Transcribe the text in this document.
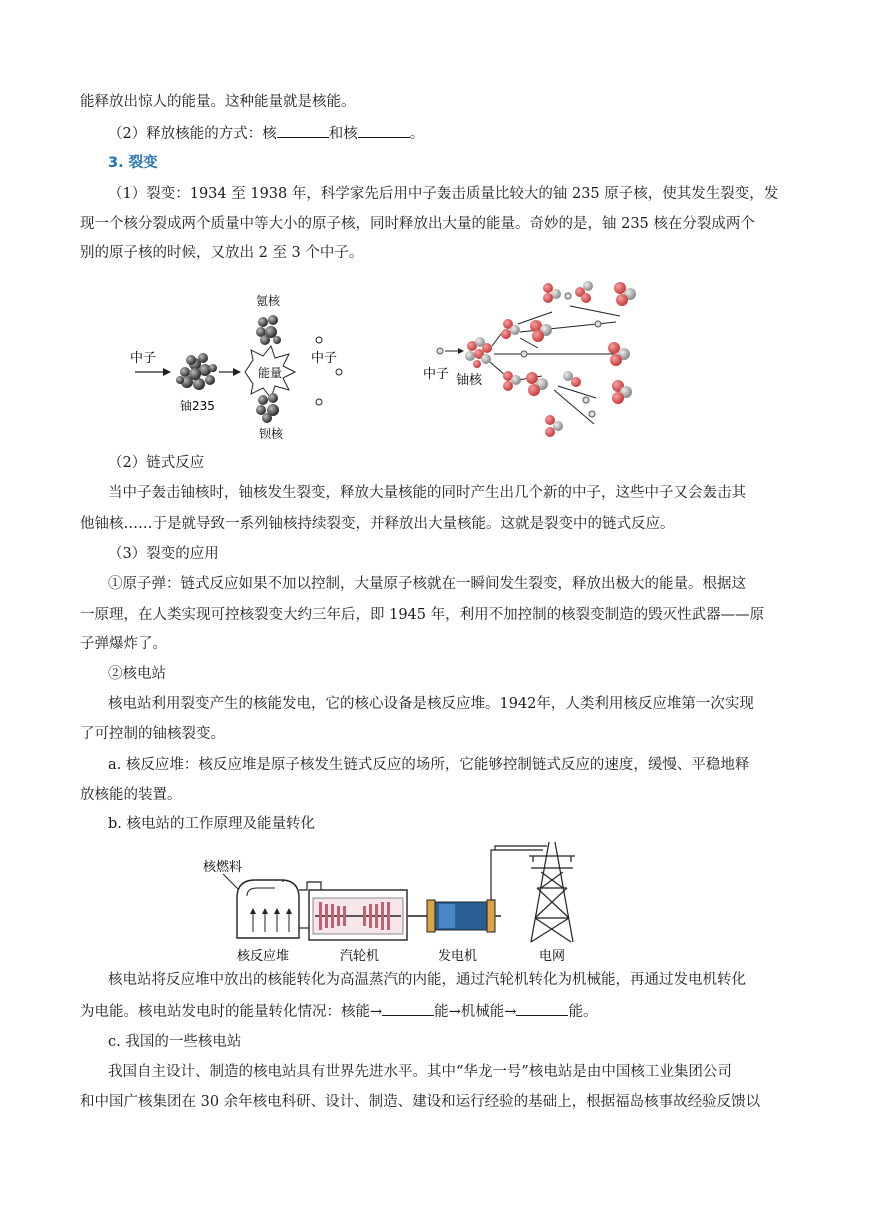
能释放出惊人的能量。这种能量就是核能。
（2）释放核能的方式：核	和核	。
3. 裂变
（1）裂变：1934 至 1938 年，科学家先后用中子轰击质量比较大的铀 235 原子核，使其发生裂变，发
现一个核分裂成两个质量中等大小的原子核，同时释放出大量的能量。奇妙的是，铀 235 核在分裂成两个
别的原子核的时候，又放出 2 至 3 个中子。
中子
铀235
能量
氪核
钡核
中子
中子 铀核
（2）链式反应
当中子轰击铀核时，铀核发生裂变，释放大量核能的同时产生出几个新的中子，这些中子又会轰击其
他铀核……于是就导致一系列铀核持续裂变，并释放出大量核能。这就是裂变中的链式反应。
（3）裂变的应用
①原子弹：链式反应如果不加以控制，大量原子核就在一瞬间发生裂变，释放出极大的能量。根据这
一原理，在人类实现可控核裂变大约三年后，即 1945 年，利用不加控制的核裂变制造的毁灭性武器——原
子弹爆炸了。
②核电站
核电站利用裂变产生的核能发电，它的核心设备是核反应堆。1942年，人类利用核反应堆第一次实现
了可控制的铀核裂变。
a. 核反应堆：核反应堆是原子核发生链式反应的场所，它能够控制链式反应的速度，缓慢、平稳地释
放核能的装置。
b. 核电站的工作原理及能量转化
核燃料
核反应堆	汽轮机	发电机	电网
核电站将反应堆中放出的核能转化为高温蒸汽的内能，通过汽轮机转化为机械能，再通过发电机转化
为电能。核电站发电时的能量转化情况：核能→	能→机械能→	能。
c. 我国的一些核电站
我国自主设计、制造的核电站具有世界先进水平。其中“华龙一号”核电站是由中国核工业集团公司
和中国广核集团在 30 余年核电科研、设计、制造、建设和运行经验的基础上，根据福岛核事故经验反馈以
